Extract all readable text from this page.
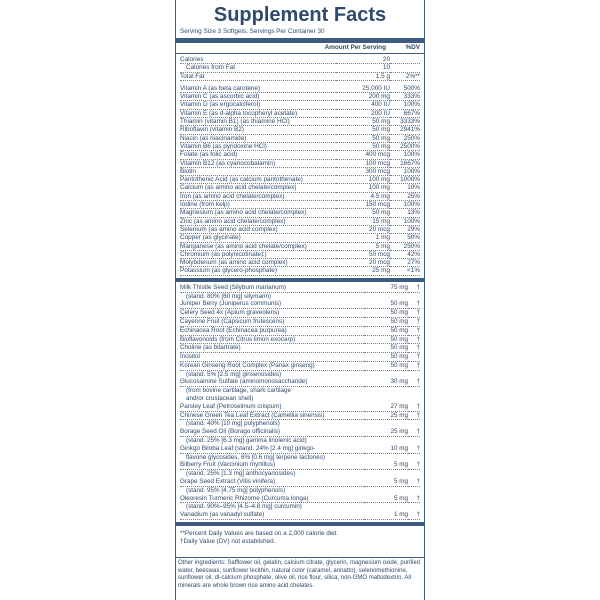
Supplement Facts
Serving Size 3 Softgels, Servings Per Container 30
Amount Per Serving	%DV
Calories	20
Calories from Fat	10
Total Fat	1.5 g	2%**
Vitamin A (as beta carotene)	25,000 IU	500%
Vitamin C (as ascorbic acid)	200 mg	333%
Vitamin D (as ergocalciferol)	400 IU	100%
Vitamin E (as d-alpha tocopheryl acetate)	200 IU	667%
Thiamin (vitamin B1) (as thiamine HCl)	50 mg	3333%
Riboflavin (vitamin B2)	50 mg	2941%
Niacin (as niacinamide)	50 mg	250%
Vitamin B6 (as pyridoxine HCl)	50 mg	2500%
Folate (as folic acid)	400 mcg	100%
Vitamin B12 (as cyanocobalamin)	100 mcg	1667%
Biotin	300 mcg	100%
Pantothenic Acid (as calcium pantothenate)	100 mg	1000%
Calcium (as amino acid chelate/complex)	100 mg	10%
Iron (as amino acid chelate/complex)	4.5 mg	25%
Iodine (from kelp)	150 mcg	100%
Magnesium (as amino acid chelate/complex)	50 mg	13%
Zinc (as amino acid chelate/complex)	15 mg	100%
Selenium (as amino acid complex)	20 mcg	29%
Copper (as glycinate)	1 mg	50%
Manganese (as amino acid chelate/complex)	5 mg	250%
Chromium (as polynicotinate‡)	50 mcg	42%
Molybdenum (as amino acid complex)	20 mcg	27%
Potassium (as glycero-phosphate)	25 mg	<1%
Milk Thistle Seed (Silybum marianum)	75 mg	†
(stand. 80% [60 mg] silymarin)
Juniper Berry (Juniperus communis)	50 mg	†
Celery Seed 4x (Apium graveolens)	50 mg	†
Cayenne Fruit (Capsicum frutescens)	50 mg	†
Echinacea Root (Echinacea purpurea)	50 mg	†
Bioflavonoids (from Citrus limon exocarp)	50 mg	†
Choline (as bitartrate)	50 mg	†
Inositol	50 mg	†
Korean Ginseng Root Complex (Panax ginseng)	50 mg	†
(stand. 5% [2.5 mg] ginsenosides)
Glucosamine Sulfate (aminomonosaccharide)	30 mg	†
(from bovine cartilage, shark cartilage
and/or crustacean shell)
Parsley Leaf (Petroselinum crispum)	27 mg	†
Chinese Green Tea Leaf Extract (Camellia sinensis)	25 mg	†
(stand. 40% [10 mg] polyphenols)
Borage Seed Oil (Borago officinalis)	25 mg	†
(stand. 25% [6.3 mg] gamma linolenic acid)
Ginkgo Biloba Leaf (stand. 24% [2.4 mg] ginkgo-	10 mg	†
flavone glycosides, 6% [0.6 mg] terpene lactones)
Bilberry Fruit (Vaccinium myrtillus)	5 mg	†
(stand. 25% [1.3 mg] anthocyanosides)
Grape Seed Extract (Vitis vinifera)	5 mg	†
(stand. 95% [4.75 mg] polyphenols)
Oleoresin Turmeric Rhizome (Curcuma longa)	5 mg	†
(stand. 90%–95% [4.5–4.8 mg] curcumin)
Vanadium (as vanadyl sulfate)	1 mg	†
**Percent Daily Values are based on a 2,000 calorie diet.
†Daily Value (DV) not established.
Other ingredients: Safflower oil, gelatin, calcium citrate, glycerin, magnesium oxide, purified water, beeswax, sunflower lecithin, natural color (caramel, annatto), selenomethionine, sunflower oil, dl-calcium phosphate, olive oil, rice flour, silica, non-GMO maltodextrin. All minerals are whole brown rice amino acid chelates.
